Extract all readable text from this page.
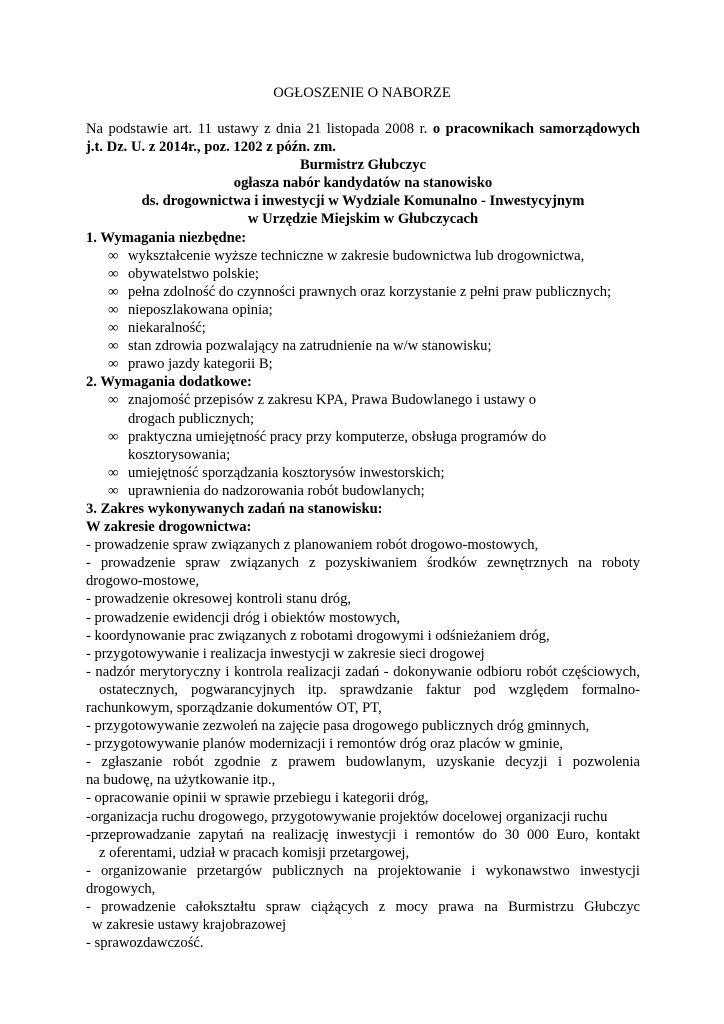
OGŁOSZENIE O NABORZE
Na podstawie art. 11 ustawy z dnia 21 listopada 2008 r. o pracownikach samorządowych
j.t. Dz. U. z 2014r., poz. 1202 z późn. zm.
Burmistrz Głubczyc
ogłasza nabór kandydatów na stanowisko
ds. drogownictwa i inwestycji w Wydziale Komunalno - Inwestycyjnym
w Urzędzie Miejskim w Głubczycach
1. Wymagania niezbędne:
∞ wykształcenie wyższe techniczne w zakresie budownictwa lub drogownictwa,
∞ obywatelstwo polskie;
∞ pełna zdolność do czynności prawnych oraz korzystanie z pełni praw publicznych;
∞ nieposzlakowana opinia;
∞ niekaralność;
∞ stan zdrowia pozwalający na zatrudnienie na w/w stanowisku;
∞ prawo jazdy kategorii B;
2. Wymagania dodatkowe:
∞ znajomość przepisów z zakresu KPA, Prawa Budowlanego i ustawy o drogach publicznych;
∞ praktyczna umiejętność pracy przy komputerze, obsługa programów do kosztorysowania;
∞ umiejętność sporządzania kosztorysów inwestorskich;
∞ uprawnienia do nadzorowania robót budowlanych;
3. Zakres wykonywanych zadań na stanowisku:
W zakresie drogownictwa:
- prowadzenie spraw związanych z planowaniem robót drogowo-mostowych,
- prowadzenie spraw związanych z pozyskiwaniem środków zewnętrznych na roboty
drogowo-mostowe,
- prowadzenie okresowej kontroli stanu dróg,
- prowadzenie ewidencji dróg i obiektów mostowych,
- koordynowanie prac związanych z robotami drogowymi i odśnieżaniem dróg,
- przygotowywanie i realizacja inwestycji w zakresie sieci drogowej
- nadzór merytoryczny i kontrola realizacji zadań - dokonywanie odbioru robót częściowych, ostatecznych, pogwarancyjnych itp. sprawdzanie faktur pod względem formalno-
rachunkowym, sporządzanie dokumentów OT, PT,
- przygotowywanie zezwoleń na zajęcie pasa drogowego publicznych dróg gminnych,
- przygotowywanie planów modernizacji i remontów dróg oraz placów w gminie,
- zgłaszanie robót zgodnie z prawem budowlanym, uzyskanie decyzji i pozwolenia
na budowę, na użytkowanie itp.,
- opracowanie opinii w sprawie przebiegu i kategorii dróg,
-organizacja ruchu drogowego, przygotowywanie projektów docelowej organizacji ruchu
-przeprowadzanie zapytań na realizację inwestycji i remontów do 30 000 Euro, kontakt
z oferentami, udział w pracach komisji przetargowej,
- organizowanie przetargów publicznych na projektowanie i wykonawstwo inwestycji
drogowych,
- prowadzenie całokształtu spraw ciążących z mocy prawa na Burmistrzu Głubczyc
w zakresie ustawy krajobrazowej
- sprawozdawczość.
